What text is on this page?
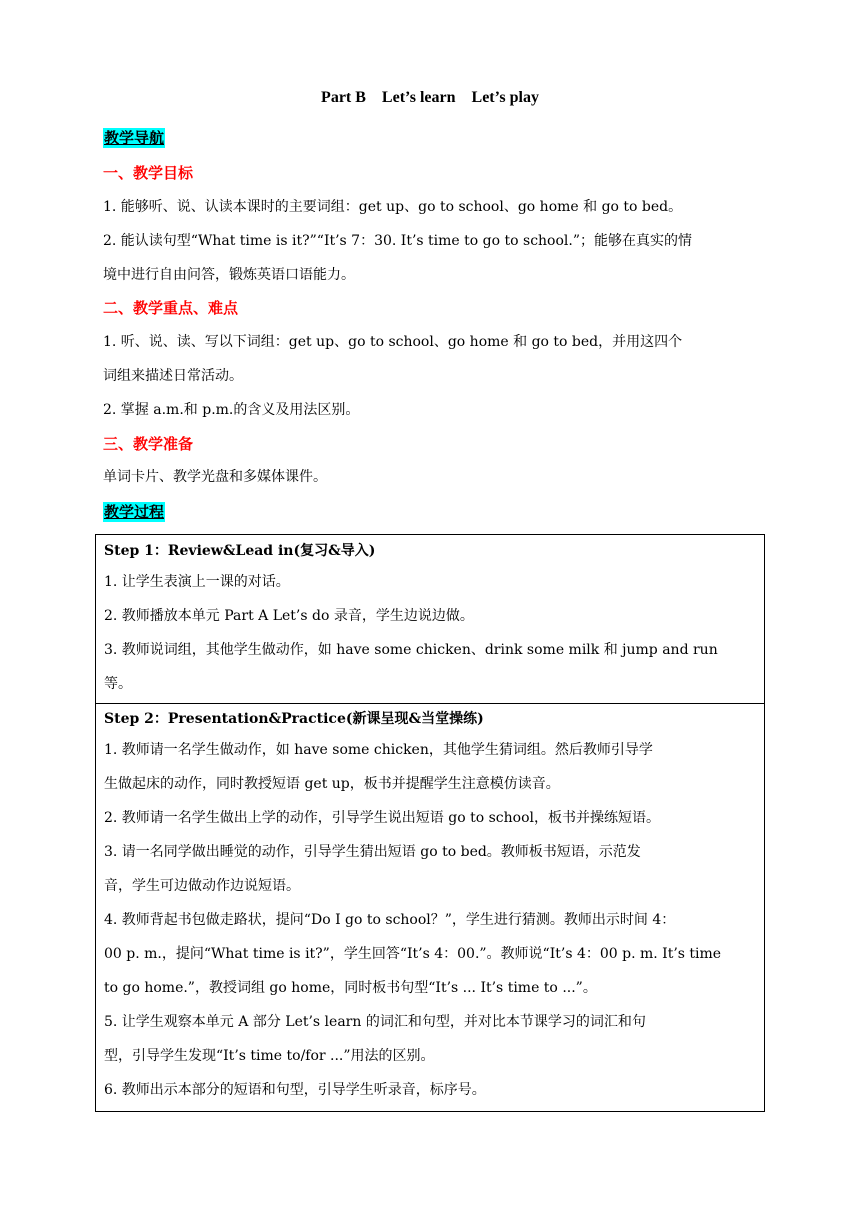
Part B　Let’s learn　Let’s play
教学导航
一、教学目标
1. 能够听、说、认读本课时的主要词组：get up、go to school、go home 和 go to bed。
2. 能认读句型“What time is it?”“It’s 7：30. It’s time to go to school.”；能够在真实的情
境中进行自由问答，锻炼英语口语能力。
二、教学重点、难点
1. 听、说、读、写以下词组：get up、go to school、go home 和 go to bed，并用这四个
词组来描述日常活动。
2. 掌握 a.m.和 p.m.的含义及用法区别。
三、教学准备
单词卡片、教学光盘和多媒体课件。
教学过程
Step 1：Review&Lead in(复习&导入)
1. 让学生表演上一课的对话。
2. 教师播放本单元 Part A Let’s do 录音，学生边说边做。
3. 教师说词组，其他学生做动作，如 have some chicken、drink some milk 和 jump and run
等。
Step 2：Presentation&Practice(新课呈现&当堂操练)
1. 教师请一名学生做动作，如 have some chicken，其他学生猜词组。然后教师引导学
生做起床的动作，同时教授短语 get up，板书并提醒学生注意模仿读音。
2. 教师请一名学生做出上学的动作，引导学生说出短语 go to school，板书并操练短语。
3. 请一名同学做出睡觉的动作，引导学生猜出短语 go to bed。教师板书短语，示范发
音，学生可边做动作边说短语。
4. 教师背起书包做走路状，提问“Do I go to school？”，学生进行猜测。教师出示时间 4：
00 p. m.，提问“What time is it?”，学生回答“It’s 4：00.”。教师说“It’s 4：00 p. m. It’s time
to go home.”，教授词组 go home，同时板书句型“It’s ... It’s time to ...”。
5. 让学生观察本单元 A 部分 Let’s learn 的词汇和句型，并对比本节课学习的词汇和句
型，引导学生发现“It’s time to/for ...”用法的区别。
6. 教师出示本部分的短语和句型，引导学生听录音，标序号。
